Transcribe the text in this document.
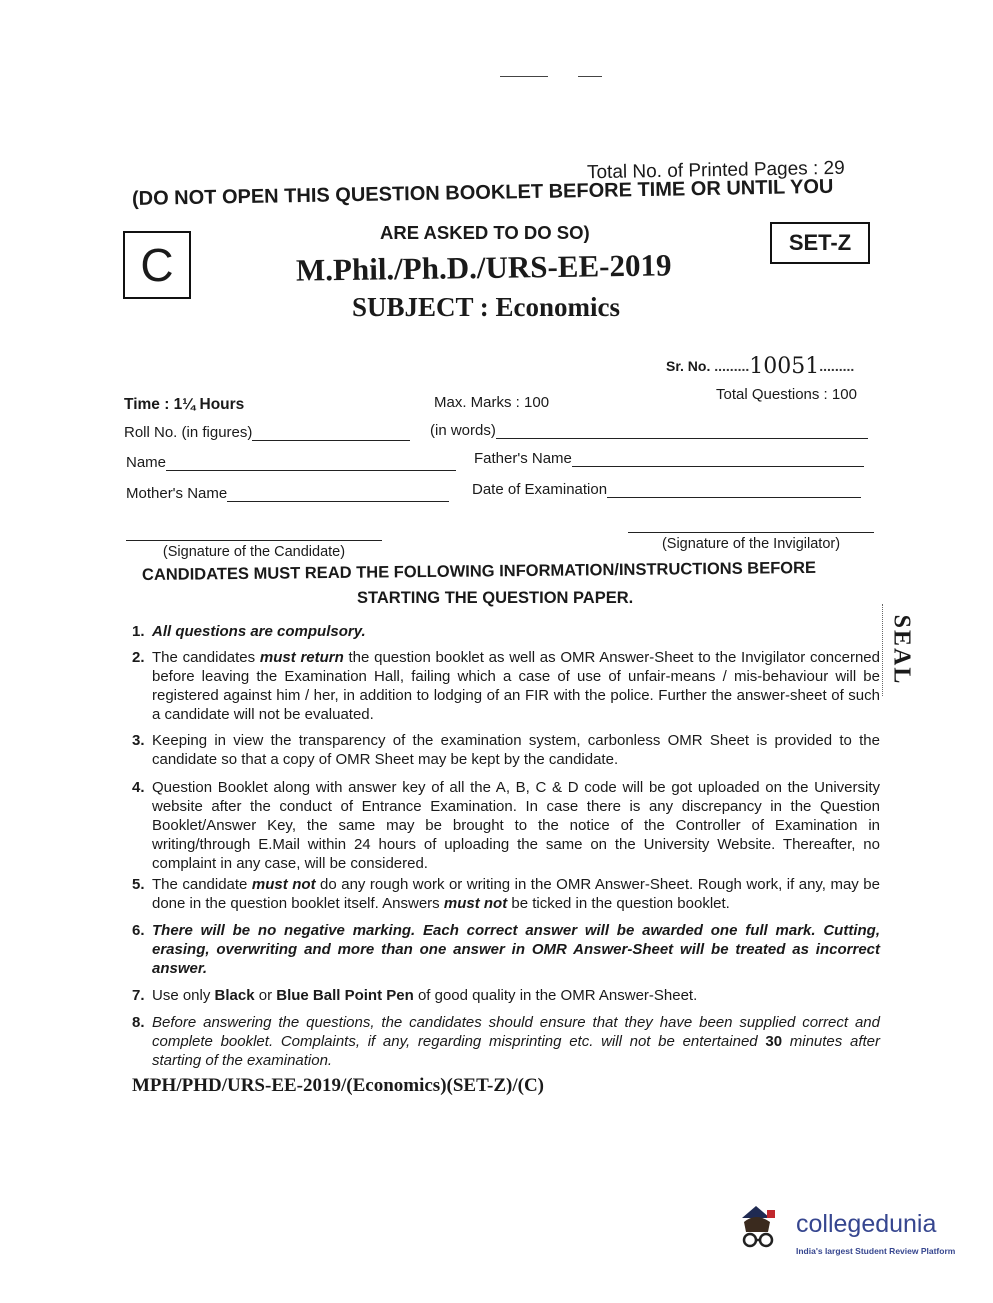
Total No. of Printed Pages : 29
(DO NOT OPEN THIS QUESTION BOOKLET BEFORE TIME OR UNTIL YOU
ARE ASKED TO DO SO)
C	SET-Z
M.Phil./Ph.D./URS-EE-2019
SUBJECT : Economics
Sr. No. .........10051.........
Time : 1¼ Hours	Max. Marks : 100	Total Questions : 100
Roll No. (in figures)	(in words)
Name	Father's Name
Mother's Name	Date of Examination
(Signature of the Candidate)	(Signature of the Invigilator)
CANDIDATES MUST READ THE FOLLOWING INFORMATION/INSTRUCTIONS BEFORE
STARTING THE QUESTION PAPER.
1. All questions are compulsory.
2. The candidates must return the question booklet as well as OMR Answer-Sheet to the Invigilator concerned before leaving the Examination Hall, failing which a case of use of unfair-means / mis-behaviour will be registered against him / her, in addition to lodging of an FIR with the police. Further the answer-sheet of such a candidate will not be evaluated.
3. Keeping in view the transparency of the examination system, carbonless OMR Sheet is provided to the candidate so that a copy of OMR Sheet may be kept by the candidate.
4. Question Booklet along with answer key of all the A, B, C & D code will be got uploaded on the University website after the conduct of Entrance Examination. In case there is any discrepancy in the Question Booklet/Answer Key, the same may be brought to the notice of the Controller of Examination in writing/through E.Mail within 24 hours of uploading the same on the University Website. Thereafter, no complaint in any case, will be considered.
5. The candidate must not do any rough work or writing in the OMR Answer-Sheet. Rough work, if any, may be done in the question booklet itself. Answers must not be ticked in the question booklet.
6. There will be no negative marking. Each correct answer will be awarded one full mark. Cutting, erasing, overwriting and more than one answer in OMR Answer-Sheet will be treated as incorrect answer.
7. Use only Black or Blue Ball Point Pen of good quality in the OMR Answer-Sheet.
8. Before answering the questions, the candidates should ensure that they have been supplied correct and complete booklet. Complaints, if any, regarding misprinting etc. will not be entertained 30 minutes after starting of the examination.
SEAL
MPH/PHD/URS-EE-2019/(Economics)(SET-Z)/(C)
collegedunia
India's largest Student Review Platform
